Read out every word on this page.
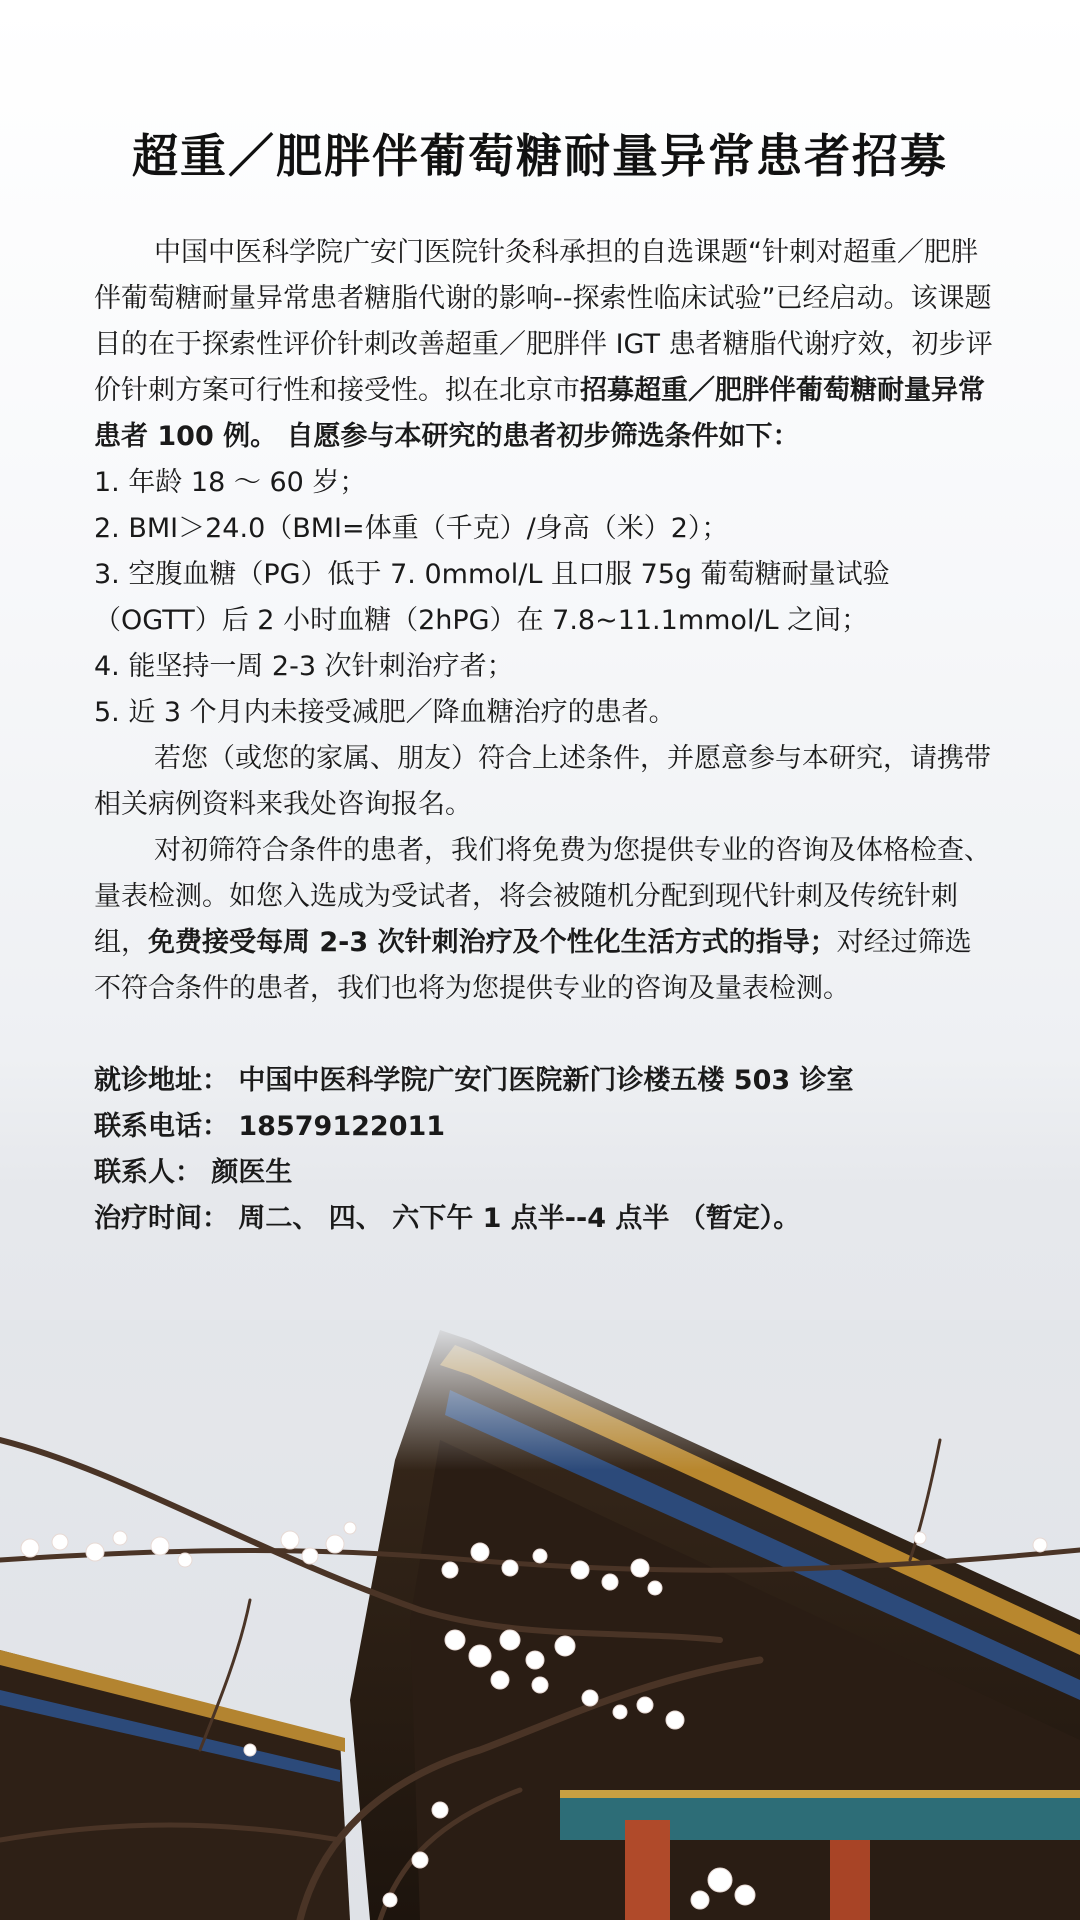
超重／肥胖伴葡萄糖耐量异常患者招募

中国中医科学院广安门医院针灸科承担的自选课题“针刺对超重／肥胖伴葡萄糖耐量异常患者糖脂代谢的影响--探索性临床试验”已经启动。该课题目的在于探索性评价针刺改善超重／肥胖伴 IGT 患者糖脂代谢疗效，初步评价针刺方案可行性和接受性。拟在北京市招募超重／肥胖伴葡萄糖耐量异常患者 100 例。 自愿参与本研究的患者初步筛选条件如下：

1. 年龄 18 ～ 60 岁；

2. BMI＞24.0（BMI=体重（千克）/身高（米）2）；

3. 空腹血糖（PG）低于 7. 0mmol/L 且口服 75g 葡萄糖耐量试验（OGTT）后 2 小时血糖（2hPG）在 7.8~11.1mmol/L 之间；

4. 能坚持一周 2-3 次针刺治疗者；

5. 近 3 个月内未接受减肥／降血糖治疗的患者。

若您（或您的家属、朋友）符合上述条件，并愿意参与本研究，请携带相关病例资料来我处咨询报名。

对初筛符合条件的患者，我们将免费为您提供专业的咨询及体格检查、量表检测。如您入选成为受试者，将会被随机分配到现代针刺及传统针刺组，免费接受每周 2-3 次针刺治疗及个性化生活方式的指导；对经过筛选不符合条件的患者，我们也将为您提供专业的咨询及量表检测。

就诊地址： 中国中医科学院广安门医院新门诊楼五楼 503 诊室

联系电话： 18579122011

联系人： 颜医生

治疗时间： 周二、 四、 六下午 1 点半--4 点半 （暂定）。
